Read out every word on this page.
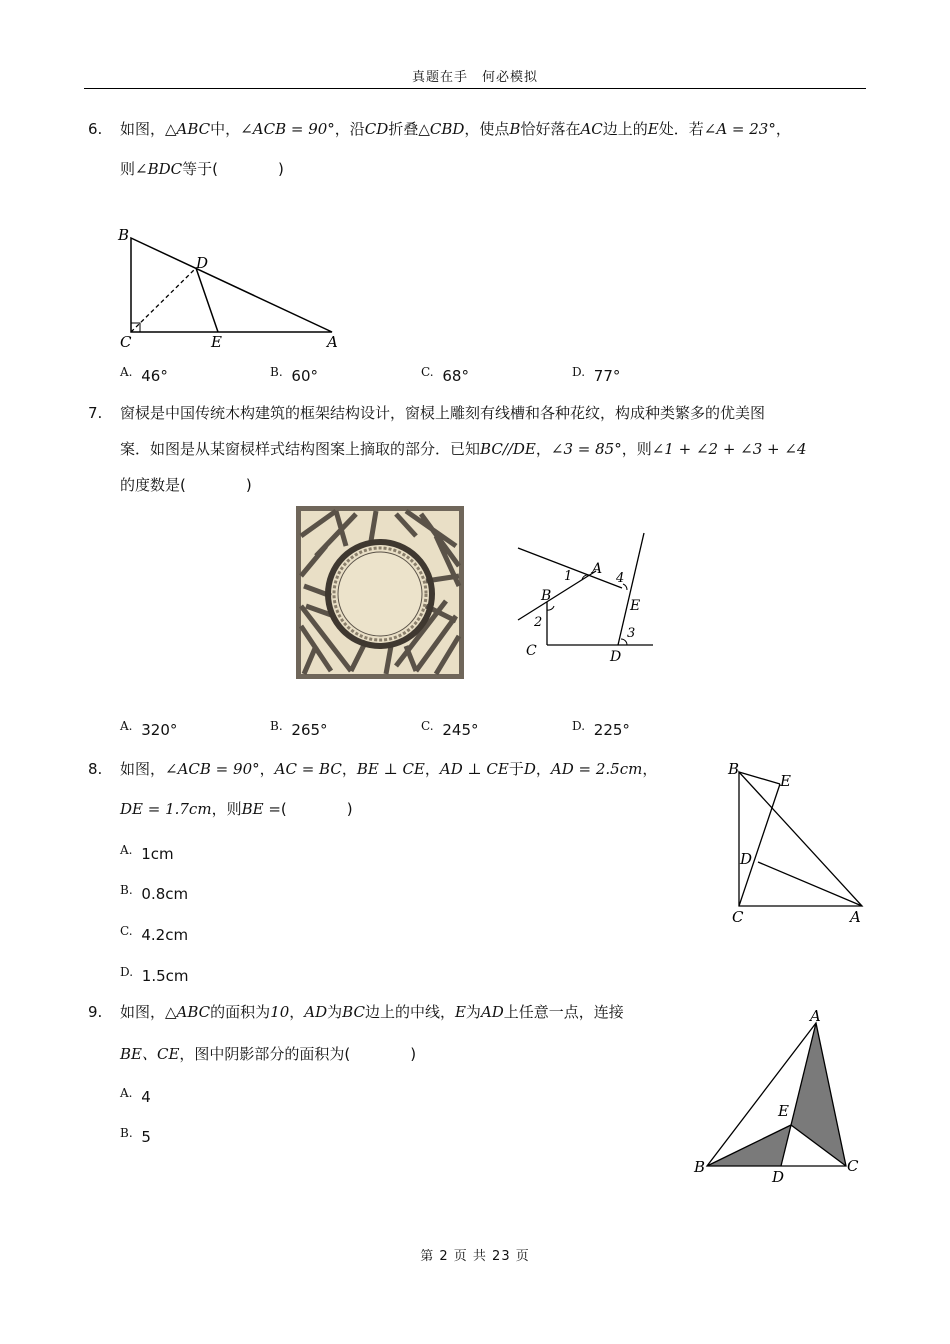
真题在手　何必模拟
6. 如图，△ABC中，∠ACB = 90°，沿CD折叠△CBD，使点B恰好落在AC边上的E处．若∠A = 23°，
则∠BDC等于(　　　　)
B
D
C	E	A
A. 46°	B. 60°	C. 68°	D. 77°
7. 窗棂是中国传统木构建筑的框架结构设计，窗棂上雕刻有线槽和各种花纹，构成种类繁多的优美图
案．如图是从某窗棂样式结构图案上摘取的部分．已知BC//DE，∠3 = 85°，则∠1 + ∠2 + ∠3 + ∠4
的度数是(　　　　)
A
B
C	D
E
1
2
3
4
A. 320°	B. 265°	C. 245°	D. 225°
8. 如图，∠ACB = 90°，AC = BC，BE ⊥ CE，AD ⊥ CE于D，AD = 2.5cm，
DE = 1.7cm，则BE =(　　　　)
B
E
D
C	A
A. 1cm
B. 0.8cm
C. 4.2cm
D. 1.5cm
9. 如图，△ABC的面积为10，AD为BC边上的中线，E为AD上任意一点，连接
BE、CE，图中阴影部分的面积为(　　　　)
A
E
B
D
C
A. 4
B. 5
第 2 页 共 23 页
